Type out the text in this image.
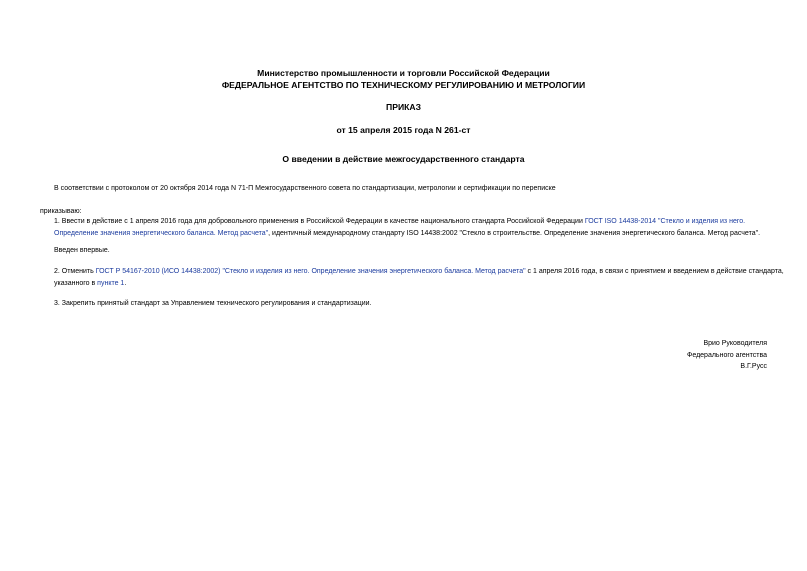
Министерство промышленности и торговли Российской Федерации
ФЕДЕРАЛЬНОЕ АГЕНТСТВО ПО ТЕХНИЧЕСКОМУ РЕГУЛИРОВАНИЮ И МЕТРОЛОГИИ
ПРИКАЗ
от 15 апреля 2015 года N 261-ст
О введении в действие межгосударственного стандарта
В соответствии с протоколом от 20 октября 2014 года N 71-П Межгосударственного совета по стандартизации, метрологии и сертификации по переписке
приказываю:
1. Ввести в действие с 1 апреля 2016 года для добровольного применения в Российской Федерации в качестве национального стандарта Российской Федерации ГОСТ ISO 14438-2014 "Стекло и изделия из него. Определение значения энергетического баланса. Метод расчета", идентичный международному стандарту ISO 14438:2002 "Стекло в строительстве. Определение значения энергетического баланса. Метод расчета".
Введен впервые.
2. Отменить ГОСТ Р 54167-2010 (ИСО 14438:2002) "Стекло и изделия из него. Определение значения энергетического баланса. Метод расчета" с 1 апреля 2016 года, в связи с принятием и введением в действие стандарта, указанного в пункте 1.
3. Закрепить принятый стандарт за Управлением технического регулирования и стандартизации.
Врио Руководителя
Федерального агентства
В.Г.Русс
